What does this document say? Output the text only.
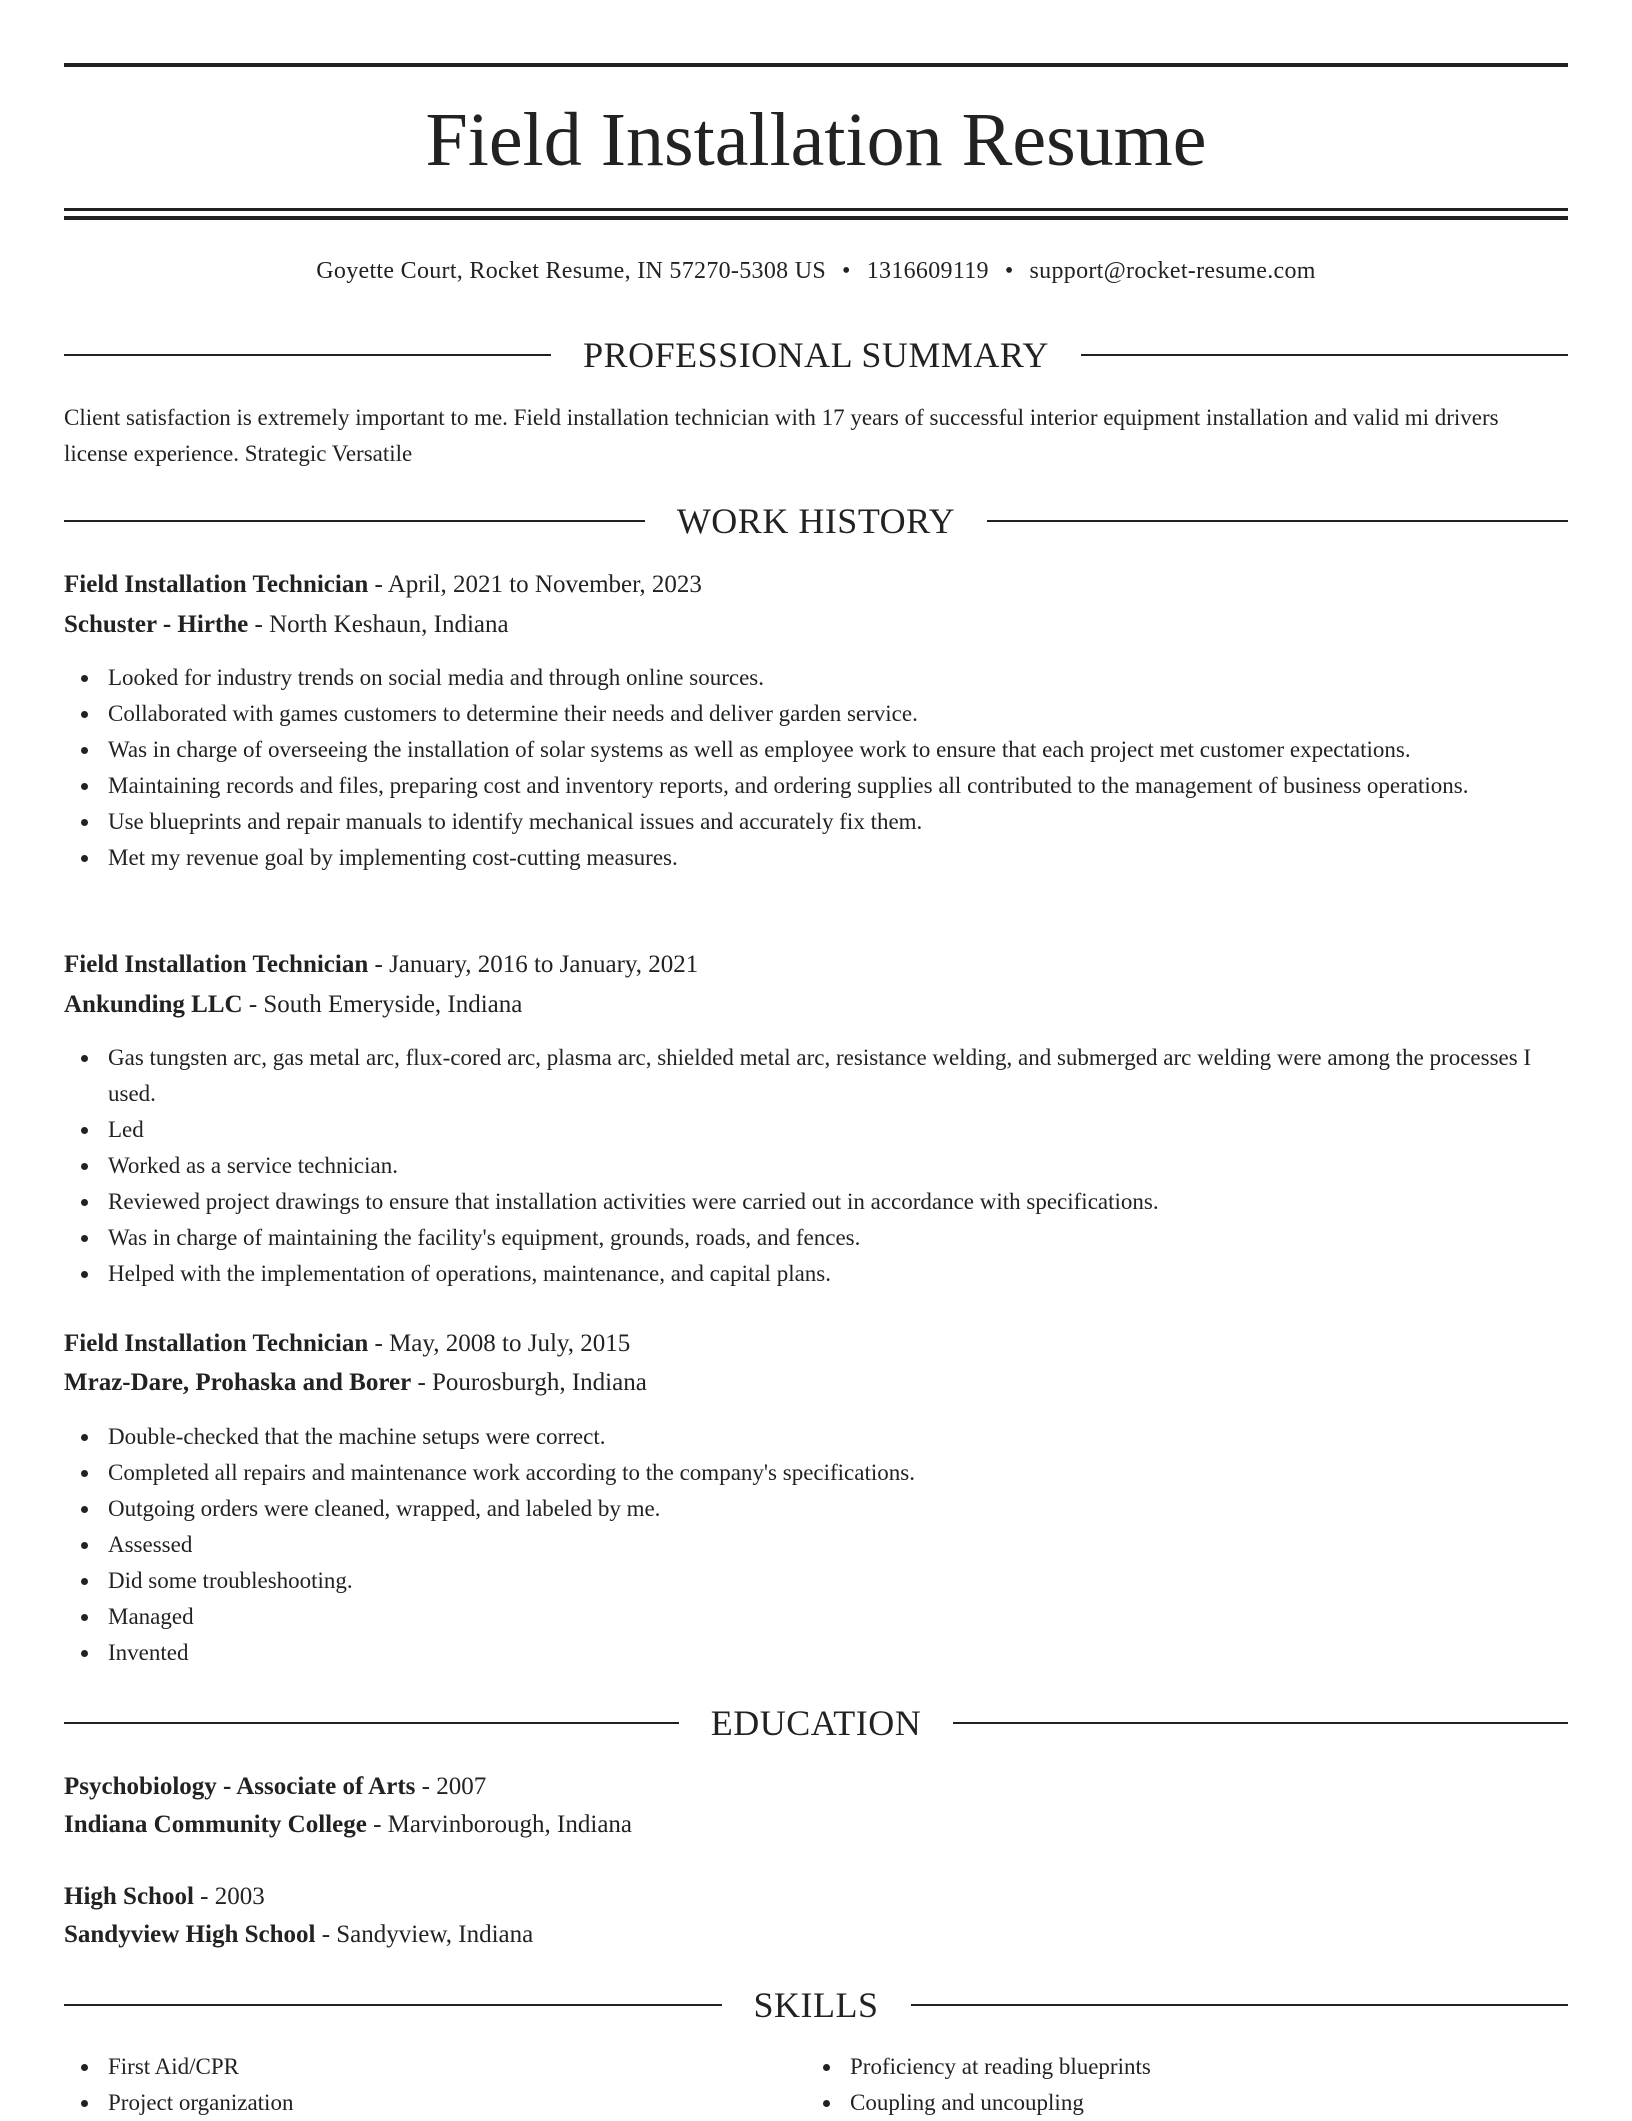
Field Installation Resume
Goyette Court, Rocket Resume, IN 57270-5308 US • 1316609119 • support@rocket-resume.com
PROFESSIONAL SUMMARY

Client satisfaction is extremely important to me. Field installation technician with 17 years of successful interior equipment installation and valid mi drivers license experience. Strategic Versatile

WORK HISTORY
Field Installation Technician - April, 2021 to November, 2023
Schuster - Hirthe - North Keshaun, Indiana
Looked for industry trends on social media and through online sources.
Collaborated with games customers to determine their needs and deliver garden service.
Was in charge of overseeing the installation of solar systems as well as employee work to ensure that each project met customer expectations.
Maintaining records and files, preparing cost and inventory reports, and ordering supplies all contributed to the management of business operations.
Use blueprints and repair manuals to identify mechanical issues and accurately fix them.
Met my revenue goal by implementing cost-cutting measures.
Field Installation Technician - January, 2016 to January, 2021
Ankunding LLC - South Emeryside, Indiana
Gas tungsten arc, gas metal arc, flux-cored arc, plasma arc, shielded metal arc, resistance welding, and submerged arc welding were among the processes I used.
Led
Worked as a service technician.
Reviewed project drawings to ensure that installation activities were carried out in accordance with specifications.
Was in charge of maintaining the facility's equipment, grounds, roads, and fences.
Helped with the implementation of operations, maintenance, and capital plans.
Field Installation Technician - May, 2008 to July, 2015
Mraz-Dare, Prohaska and Borer - Pourosburgh, Indiana
Double-checked that the machine setups were correct.
Completed all repairs and maintenance work according to the company's specifications.
Outgoing orders were cleaned, wrapped, and labeled by me.
Assessed
Did some troubleshooting.
Managed
Invented
EDUCATION
Psychobiology - Associate of Arts - 2007
Indiana Community College - Marvinborough, Indiana
High School - 2003
Sandyview High School - Sandyview, Indiana
SKILLS
First Aid/CPR
Project organization
Proficiency at reading blueprints
Coupling and uncoupling
